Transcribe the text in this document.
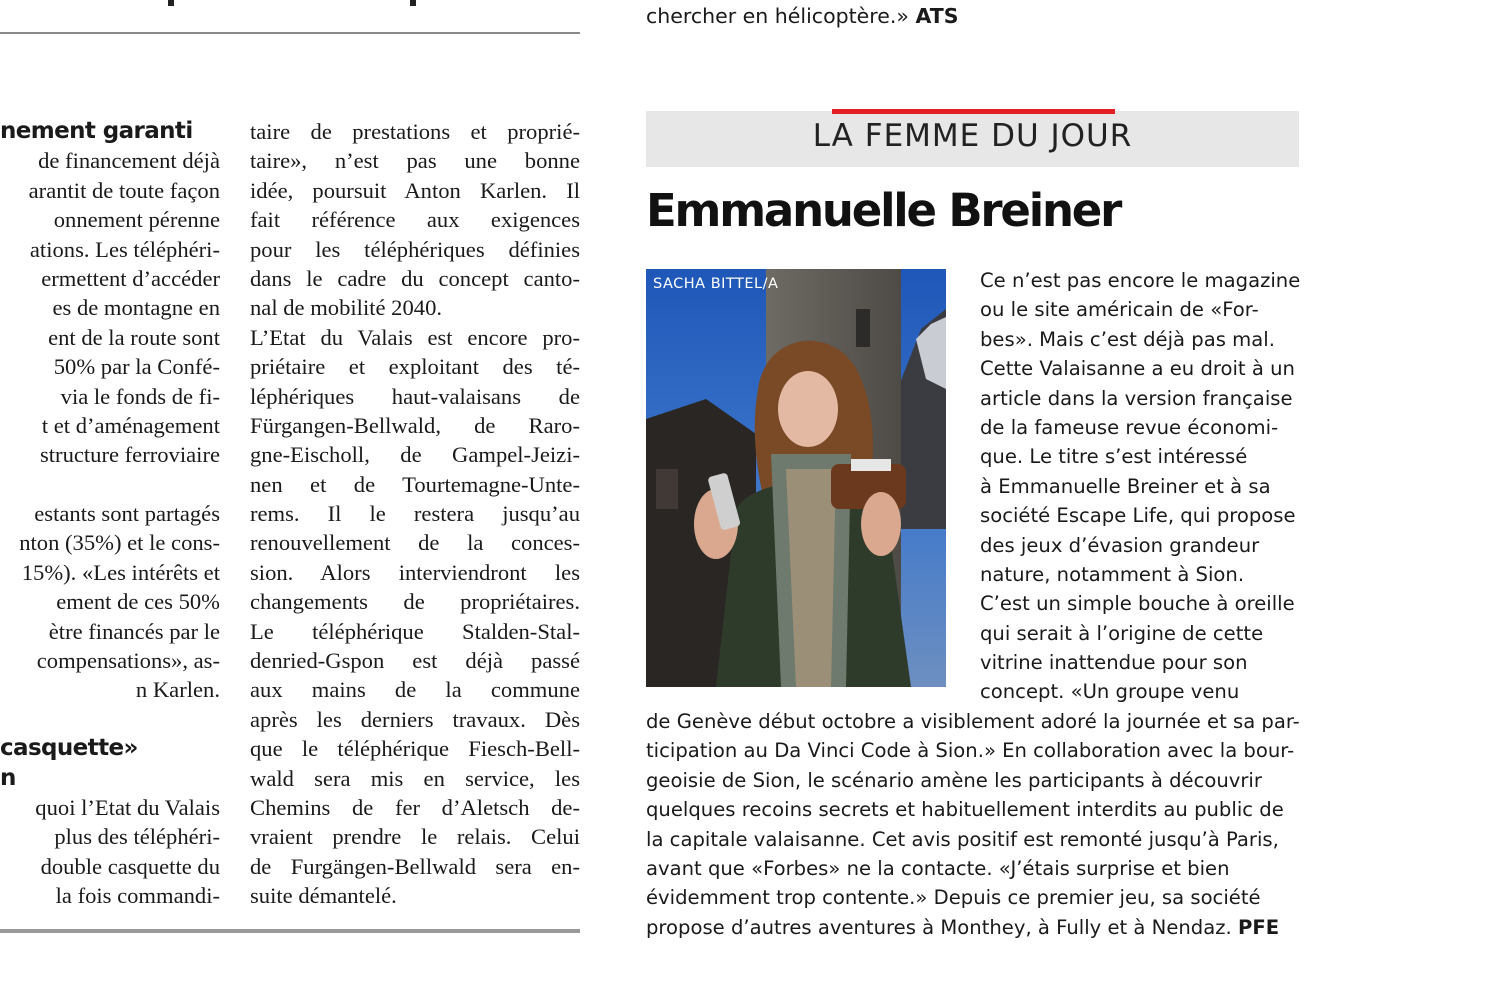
nement garanti
de financement déjà
arantit de toute façon
onnement pérenne
ations. Les téléphéri-
ermettent d’accéder
es de montagne en
ent de la route sont
50% par la Confé-
via le fonds de fi-
t et d’aménagement
structure ferroviaire
estants sont partagés
nton (35%) et le cons-
15%). «Les intérêts et
ement de ces 50%
ètre financés par le
compensations», as-
n Karlen.
casquette»
n
quoi l’Etat du Valais
plus des téléphéri-
double casquette du
la fois commandi-
taire de prestations et proprié-
taire», n’est pas une bonne
idée, poursuit Anton Karlen. Il
fait référence aux exigences
pour les téléphériques définies
dans le cadre du concept canto-
nal de mobilité 2040.
L’Etat du Valais est encore pro-
priétaire et exploitant des té-
léphériques haut-valaisans de
Fürgangen-Bellwald, de Raro-
gne-Eischoll, de Gampel-Jeizi-
nen et de Tourtemagne-Unte-
rems. Il le restera jusqu’au
renouvellement de la conces-
sion. Alors interviendront les
changements de propriétaires.
Le téléphérique Stalden-Stal-
denried-Gspon est déjà passé
aux mains de la commune
après les derniers travaux. Dès
que le téléphérique Fiesch-Bell-
wald sera mis en service, les
Chemins de fer d’Aletsch de-
vraient prendre le relais. Celui
de Furgängen-Bellwald sera en-
suite démantelé.
chercher en hélicoptère.» ATS
LA FEMME DU JOUR
Emmanuelle Breiner
SACHA BITTEL/A	Ce n’est pas encore le magazine
ou le site américain de «For-
bes». Mais c’est déjà pas mal.
Cette Valaisanne a eu droit à un
article dans la version française
de la fameuse revue économi-
que. Le titre s’est intéressé
à Emmanuelle Breiner et à sa
société Escape Life, qui propose
des jeux d’évasion grandeur
nature, notamment à Sion.
C’est un simple bouche à oreille
qui serait à l’origine de cette
vitrine inattendue pour son
concept. «Un groupe venu
de Genève début octobre a visiblement adoré la journée et sa par-
ticipation au Da Vinci Code à Sion.» En collaboration avec la bour-
geoisie de Sion, le scénario amène les participants à découvrir
quelques recoins secrets et habituellement interdits au public de
la capitale valaisanne. Cet avis positif est remonté jusqu’à Paris,
avant que «Forbes» ne la contacte. «J’étais surprise et bien
évidemment trop contente.» Depuis ce premier jeu, sa société
propose d’autres aventures à Monthey, à Fully et à Nendaz. PFE
